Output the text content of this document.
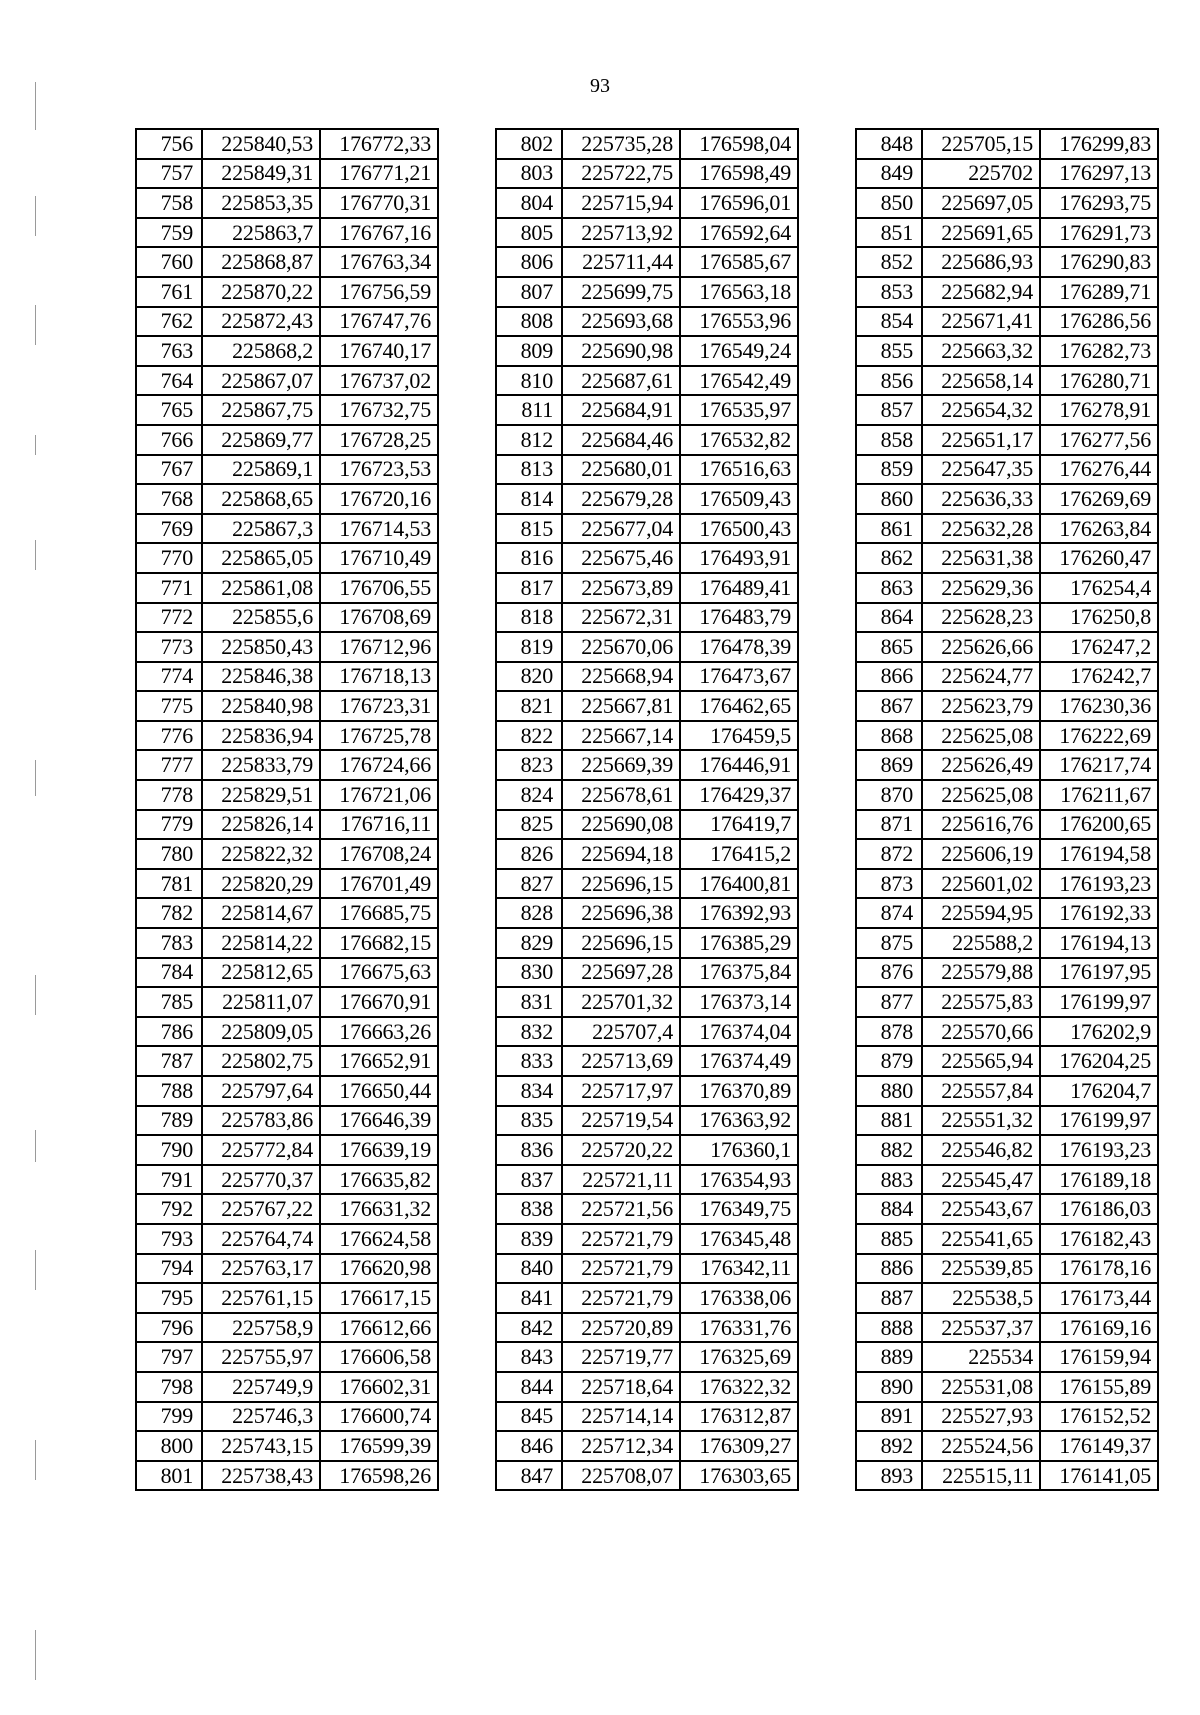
93
756	225840,53	176772,33
757	225849,31	176771,21
758	225853,35	176770,31
759	225863,7	176767,16
760	225868,87	176763,34
761	225870,22	176756,59
762	225872,43	176747,76
763	225868,2	176740,17
764	225867,07	176737,02
765	225867,75	176732,75
766	225869,77	176728,25
767	225869,1	176723,53
768	225868,65	176720,16
769	225867,3	176714,53
770	225865,05	176710,49
771	225861,08	176706,55
772	225855,6	176708,69
773	225850,43	176712,96
774	225846,38	176718,13
775	225840,98	176723,31
776	225836,94	176725,78
777	225833,79	176724,66
778	225829,51	176721,06
779	225826,14	176716,11
780	225822,32	176708,24
781	225820,29	176701,49
782	225814,67	176685,75
783	225814,22	176682,15
784	225812,65	176675,63
785	225811,07	176670,91
786	225809,05	176663,26
787	225802,75	176652,91
788	225797,64	176650,44
789	225783,86	176646,39
790	225772,84	176639,19
791	225770,37	176635,82
792	225767,22	176631,32
793	225764,74	176624,58
794	225763,17	176620,98
795	225761,15	176617,15
796	225758,9	176612,66
797	225755,97	176606,58
798	225749,9	176602,31
799	225746,3	176600,74
800	225743,15	176599,39
801	225738,43	176598,26
802	225735,28	176598,04
803	225722,75	176598,49
804	225715,94	176596,01
805	225713,92	176592,64
806	225711,44	176585,67
807	225699,75	176563,18
808	225693,68	176553,96
809	225690,98	176549,24
810	225687,61	176542,49
811	225684,91	176535,97
812	225684,46	176532,82
813	225680,01	176516,63
814	225679,28	176509,43
815	225677,04	176500,43
816	225675,46	176493,91
817	225673,89	176489,41
818	225672,31	176483,79
819	225670,06	176478,39
820	225668,94	176473,67
821	225667,81	176462,65
822	225667,14	176459,5
823	225669,39	176446,91
824	225678,61	176429,37
825	225690,08	176419,7
826	225694,18	176415,2
827	225696,15	176400,81
828	225696,38	176392,93
829	225696,15	176385,29
830	225697,28	176375,84
831	225701,32	176373,14
832	225707,4	176374,04
833	225713,69	176374,49
834	225717,97	176370,89
835	225719,54	176363,92
836	225720,22	176360,1
837	225721,11	176354,93
838	225721,56	176349,75
839	225721,79	176345,48
840	225721,79	176342,11
841	225721,79	176338,06
842	225720,89	176331,76
843	225719,77	176325,69
844	225718,64	176322,32
845	225714,14	176312,87
846	225712,34	176309,27
847	225708,07	176303,65
848	225705,15	176299,83
849	225702	176297,13
850	225697,05	176293,75
851	225691,65	176291,73
852	225686,93	176290,83
853	225682,94	176289,71
854	225671,41	176286,56
855	225663,32	176282,73
856	225658,14	176280,71
857	225654,32	176278,91
858	225651,17	176277,56
859	225647,35	176276,44
860	225636,33	176269,69
861	225632,28	176263,84
862	225631,38	176260,47
863	225629,36	176254,4
864	225628,23	176250,8
865	225626,66	176247,2
866	225624,77	176242,7
867	225623,79	176230,36
868	225625,08	176222,69
869	225626,49	176217,74
870	225625,08	176211,67
871	225616,76	176200,65
872	225606,19	176194,58
873	225601,02	176193,23
874	225594,95	176192,33
875	225588,2	176194,13
876	225579,88	176197,95
877	225575,83	176199,97
878	225570,66	176202,9
879	225565,94	176204,25
880	225557,84	176204,7
881	225551,32	176199,97
882	225546,82	176193,23
883	225545,47	176189,18
884	225543,67	176186,03
885	225541,65	176182,43
886	225539,85	176178,16
887	225538,5	176173,44
888	225537,37	176169,16
889	225534	176159,94
890	225531,08	176155,89
891	225527,93	176152,52
892	225524,56	176149,37
893	225515,11	176141,05
